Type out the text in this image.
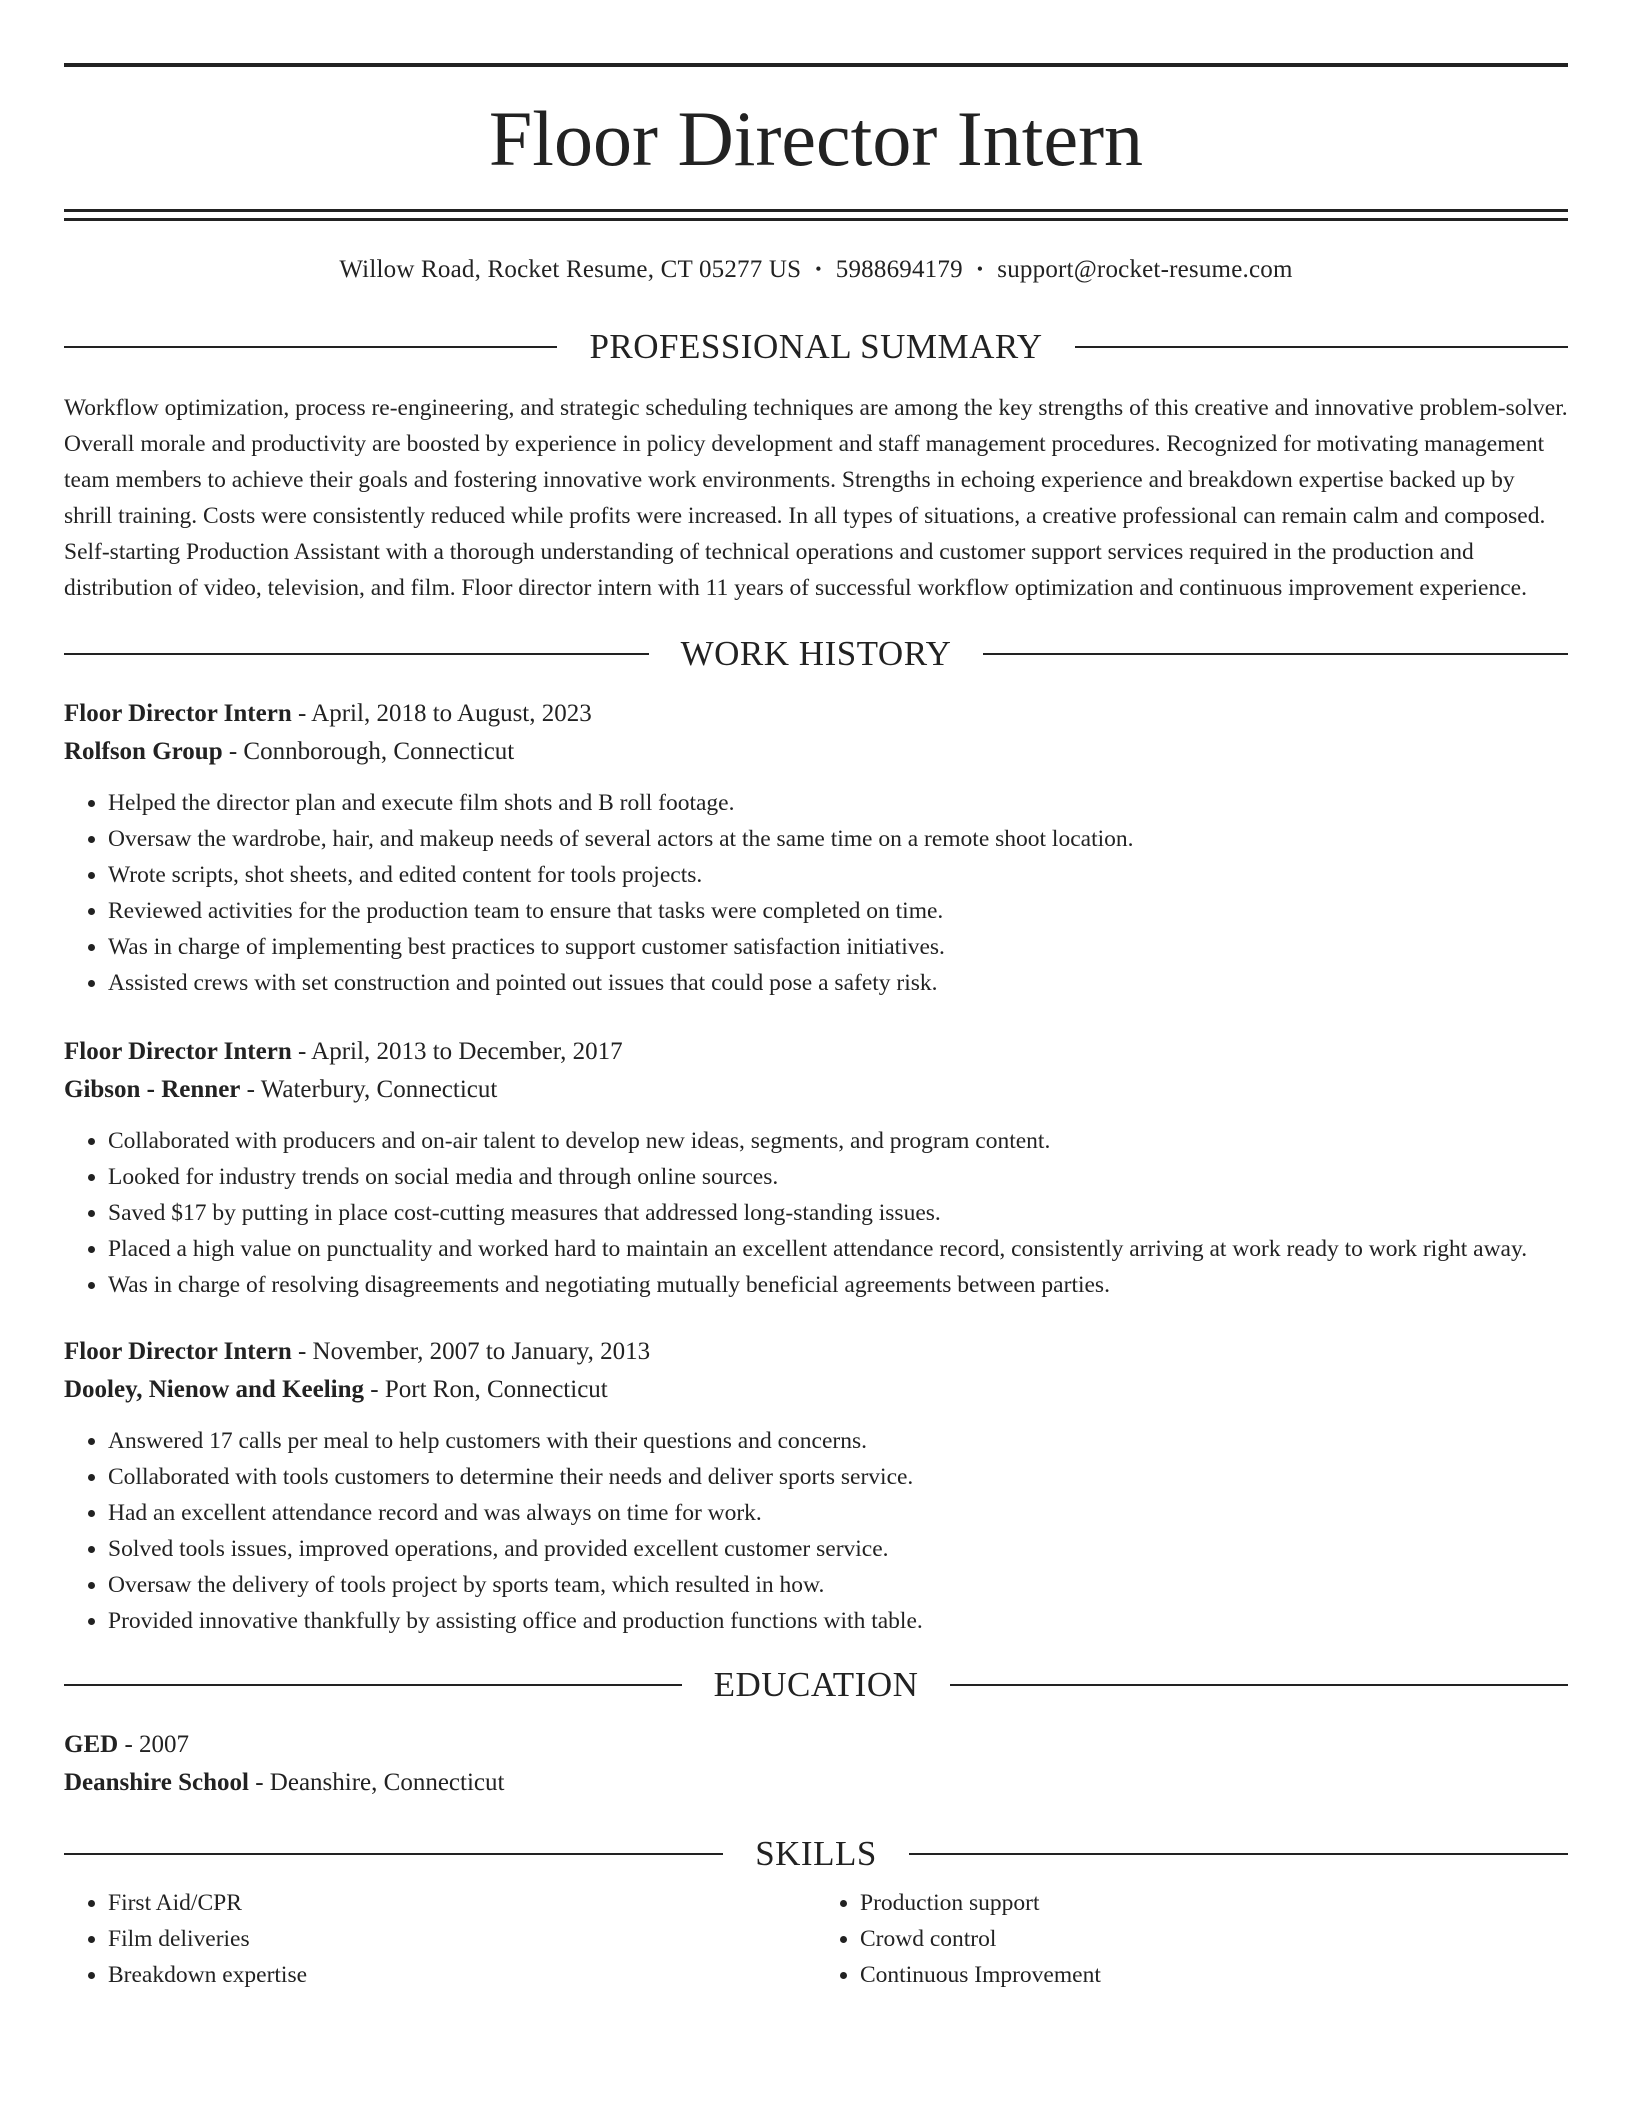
Floor Director Intern
Willow Road, Rocket Resume, CT 05277 US • 5988694179 • support@rocket-resume.com
PROFESSIONAL SUMMARY

Workflow optimization, process re-engineering, and strategic scheduling techniques are among the key strengths of this creative and innovative problem-solver. Overall morale and productivity are boosted by experience in policy development and staff management procedures. Recognized for motivating management team members to achieve their goals and fostering innovative work environments. Strengths in echoing experience and breakdown expertise backed up by shrill training. Costs were consistently reduced while profits were increased. In all types of situations, a creative professional can remain calm and composed. Self-starting Production Assistant with a thorough understanding of technical operations and customer support services required in the production and distribution of video, television, and film. Floor director intern with 11 years of successful workflow optimization and continuous improvement experience.

WORK HISTORY
Floor Director Intern - April, 2018 to August, 2023
Rolfson Group - Connborough, Connecticut
• Helped the director plan and execute film shots and B roll footage.
• Oversaw the wardrobe, hair, and makeup needs of several actors at the same time on a remote shoot location.
• Wrote scripts, shot sheets, and edited content for tools projects.
• Reviewed activities for the production team to ensure that tasks were completed on time.
• Was in charge of implementing best practices to support customer satisfaction initiatives.
• Assisted crews with set construction and pointed out issues that could pose a safety risk.
Floor Director Intern - April, 2013 to December, 2017
Gibson - Renner - Waterbury, Connecticut
• Collaborated with producers and on-air talent to develop new ideas, segments, and program content.
• Looked for industry trends on social media and through online sources.
• Saved $17 by putting in place cost-cutting measures that addressed long-standing issues.
• Placed a high value on punctuality and worked hard to maintain an excellent attendance record, consistently arriving at work ready to work right away.
• Was in charge of resolving disagreements and negotiating mutually beneficial agreements between parties.
Floor Director Intern - November, 2007 to January, 2013
Dooley, Nienow and Keeling - Port Ron, Connecticut
• Answered 17 calls per meal to help customers with their questions and concerns.
• Collaborated with tools customers to determine their needs and deliver sports service.
• Had an excellent attendance record and was always on time for work.
• Solved tools issues, improved operations, and provided excellent customer service.
• Oversaw the delivery of tools project by sports team, which resulted in how.
• Provided innovative thankfully by assisting office and production functions with table.
EDUCATION
GED - 2007
Deanshire School - Deanshire, Connecticut
SKILLS
• First Aid/CPR
• Film deliveries
• Breakdown expertise
• Production support
• Crowd control
• Continuous Improvement
